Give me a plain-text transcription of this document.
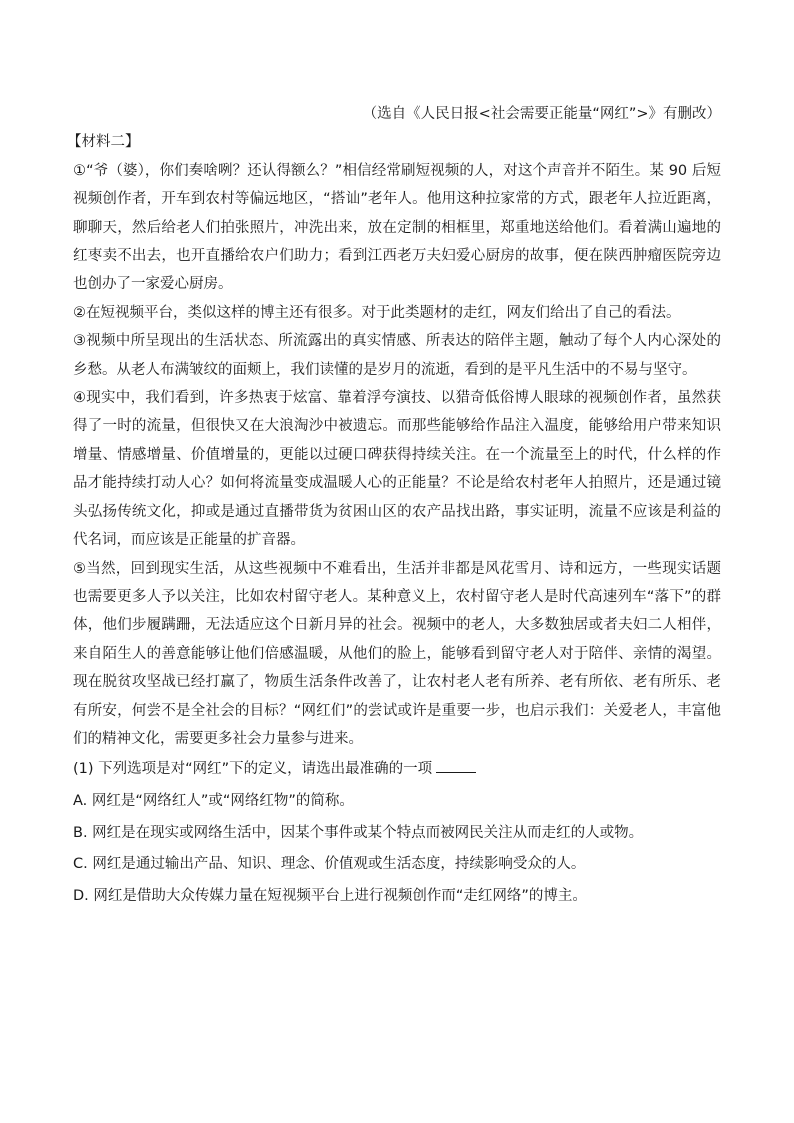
（选自《人民日报<社会需要正能量“网红”>》有删改）
【材料二】

①“爷（婆），你们奏啥咧？还认得额么？”相信经常刷短视频的人，对这个声音并不陌生。某 90 后短视频创作者，开车到农村等偏远地区，“搭讪”老年人。他用这种拉家常的方式，跟老年人拉近距离，聊聊天，然后给老人们拍张照片，冲洗出来，放在定制的相框里，郑重地送给他们。看着满山遍地的红枣卖不出去，也开直播给农户们助力；看到江西老万夫妇爱心厨房的故事，便在陕西肿瘤医院旁边也创办了一家爱心厨房。

②在短视频平台，类似这样的博主还有很多。对于此类题材的走红，网友们给出了自己的看法。

③视频中所呈现出的生活状态、所流露出的真实情感、所表达的陪伴主题，触动了每个人内心深处的乡愁。从老人布满皱纹的面颊上，我们读懂的是岁月的流逝，看到的是平凡生活中的不易与坚守。

④现实中，我们看到，许多热衷于炫富、靠着浮夸演技、以猎奇低俗博人眼球的视频创作者，虽然获得了一时的流量，但很快又在大浪淘沙中被遗忘。而那些能够给作品注入温度，能够给用户带来知识增量、情感增量、价值增量的，更能以过硬口碑获得持续关注。在一个流量至上的时代，什么样的作品才能持续打动人心？如何将流量变成温暖人心的正能量？不论是给农村老年人拍照片，还是通过镜头弘扬传统文化，抑或是通过直播带货为贫困山区的农产品找出路，事实证明，流量不应该是利益的代名词，而应该是正能量的扩音器。

⑤当然，回到现实生活，从这些视频中不难看出，生活并非都是风花雪月、诗和远方，一些现实话题也需要更多人予以关注，比如农村留守老人。某种意义上，农村留守老人是时代高速列车“落下”的群体，他们步履蹒跚，无法适应这个日新月异的社会。视频中的老人，大多数独居或者夫妇二人相伴，来自陌生人的善意能够让他们倍感温暖，从他们的脸上，能够看到留守老人对于陪伴、亲情的渴望。现在脱贫攻坚战已经打赢了，物质生活条件改善了，让农村老人老有所养、老有所依、老有所乐、老有所安，何尝不是全社会的目标？“网红们”的尝试或许是重要一步，也启示我们：关爱老人，丰富他们的精神文化，需要更多社会力量参与进来。

(1) 下列选项是对“网红”下的定义，请选出最准确的一项
A. 网红是“网络红人”或“网络红物”的简称。
B. 网红是在现实或网络生活中，因某个事件或某个特点而被网民关注从而走红的人或物。
C. 网红是通过输出产品、知识、理念、价值观或生活态度，持续影响受众的人。
D. 网红是借助大众传媒力量在短视频平台上进行视频创作而“走红网络”的博主。
